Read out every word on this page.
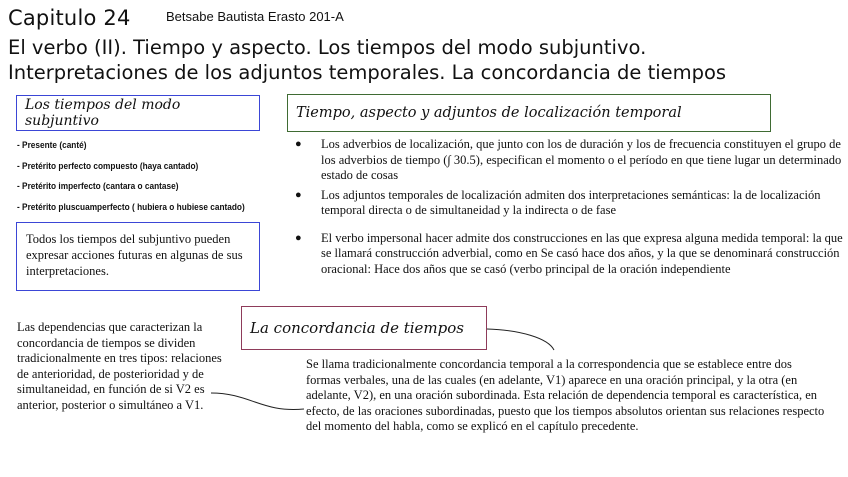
Capitulo 24	Betsabe Bautista Erasto 201-A
El verbo (II). Tiempo y aspecto. Los tiempos del modo subjuntivo.
Interpretaciones de los adjuntos temporales. La concordancia de tiempos
Los tiempos del modo subjuntivo
- Presente (canté)
- Pretérito perfecto compuesto (haya cantado)
- Pretérito imperfecto (cantara o cantase)
- Pretérito pluscuamperfecto ( hubiera o hubiese cantado)
Todos los tiempos del subjuntivo pueden expresar acciones futuras en algunas de sus interpretaciones.
Tiempo, aspecto y adjuntos de localización temporal
● Los adverbios de localización, que junto con los de duración y los de frecuencia constituyen el grupo de los adverbios de tiempo (∫ 30.5), especifican el momento o el período en que tiene lugar un determinado estado de cosas
● Los adjuntos temporales de localización admiten dos interpretaciones semánticas: la de localización temporal directa o de simultaneidad y la indirecta o de fase
● El verbo impersonal hacer admite dos construcciones en las que expresa alguna medida temporal: la que se llamará construcción adverbial, como en Se casó hace dos años, y la que se denominará construcción oracional: Hace dos años que se casó (verbo principal de la oración independiente
La concordancia de tiempos
Las dependencias que caracterizan la concordancia de tiempos se dividen tradicionalmente en tres tipos: relaciones de anterioridad, de posterioridad y de simultaneidad, en función de si V2 es anterior, posterior o simultáneo a V1.
Se llama tradicionalmente concordancia temporal a la correspondencia que se establece entre dos formas verbales, una de las cuales (en adelante, V1) aparece en una oración principal, y la otra (en adelante, V2), en una oración subordinada. Esta relación de dependencia temporal es característica, en efecto, de las oraciones subordinadas, puesto que los tiempos absolutos orientan sus relaciones respecto del momento del habla, como se explicó en el capítulo precedente.
